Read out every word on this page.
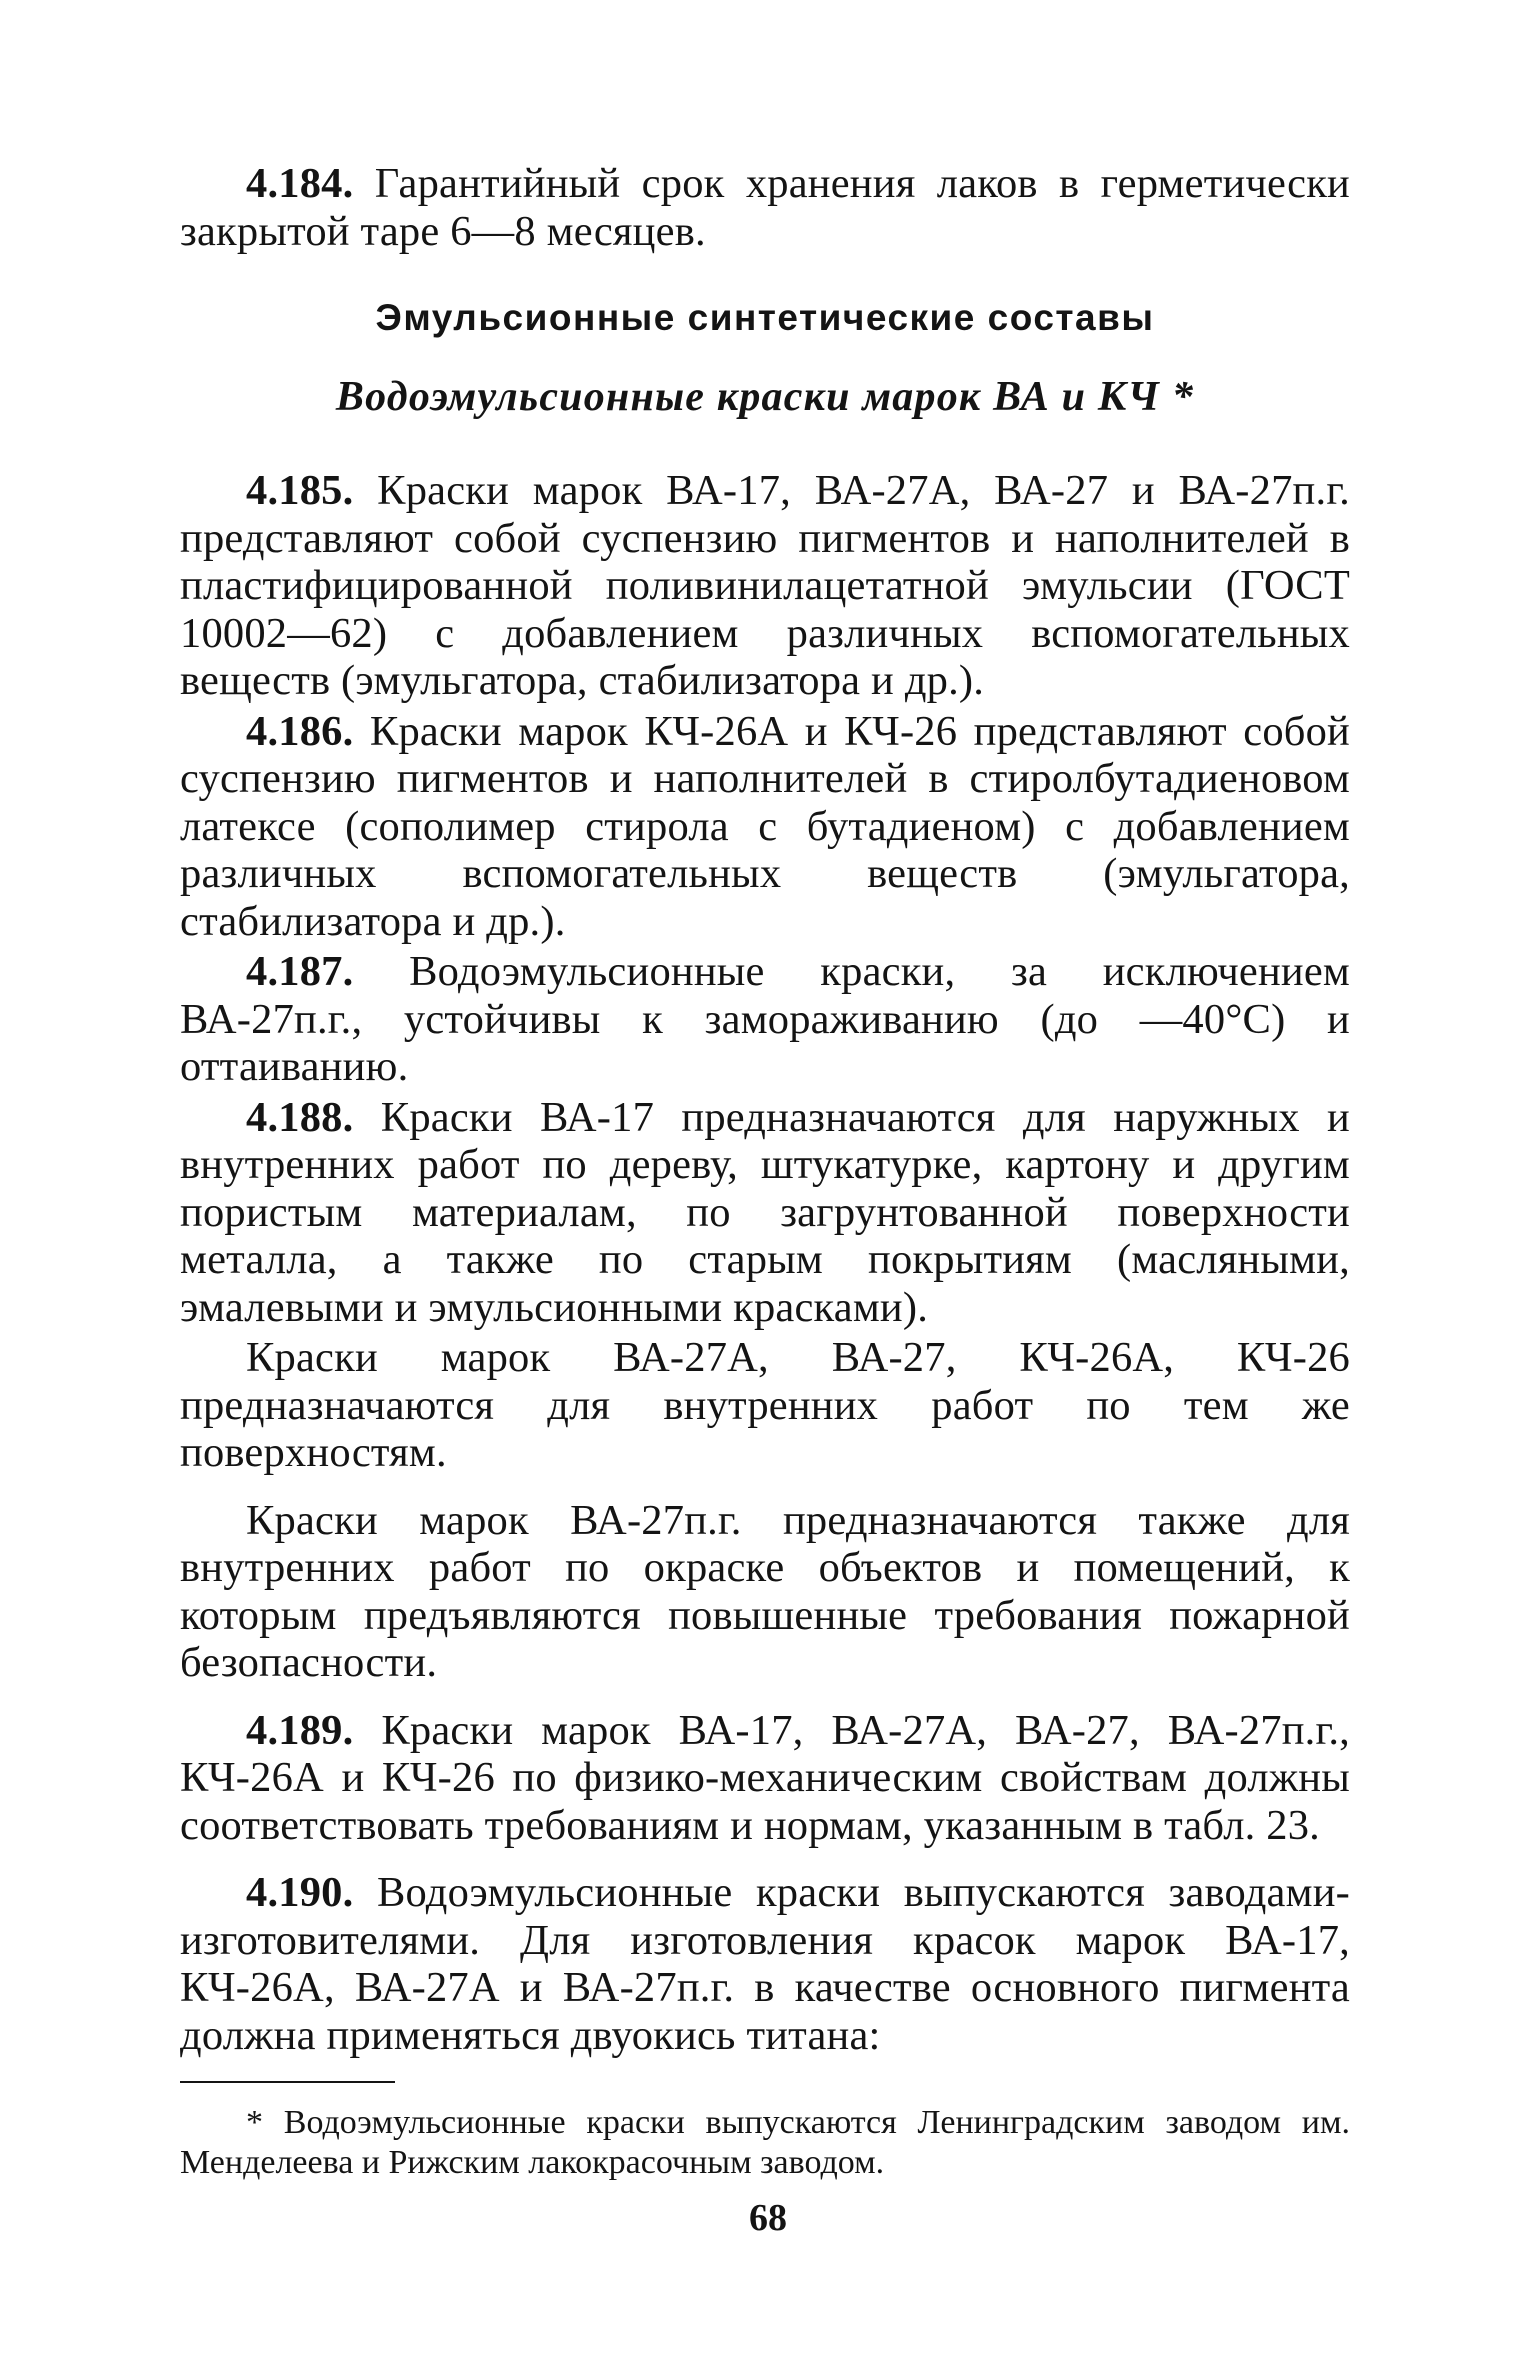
4.184. Гарантийный срок хранения лаков в герметически закрытой таре 6—8 месяцев.

Эмульсионные синтетические составы
Водоэмульсионные краски марок ВА и КЧ *

4.185. Краски марок ВА-17, ВА-27А, ВА-27 и ВА-27п.г. представляют собой суспензию пигментов и наполнителей в пластифицированной поливинилацетатной эмульсии (ГОСТ 10002—62) с добавлением различных вспомогательных веществ (эмульгатора, стабилизатора и др.).

4.186. Краски марок КЧ-26А и КЧ-26 представляют собой суспензию пигментов и наполнителей в стиролбутадиеновом латексе (сополимер стирола с бутадиеном) с добавлением различных вспомогательных веществ (эмульгатора, стабилизатора и др.).

4.187. Водоэмульсионные краски, за исключением ВА-27п.г., устойчивы к замораживанию (до —40°С) и оттаиванию.

4.188. Краски ВА-17 предназначаются для наружных и внутренних работ по дереву, штукатурке, картону и другим пористым материалам, по загрунтованной поверхности металла, а также по старым покрытиям (масляными, эмалевыми и эмульсионными красками).

Краски марок ВА-27А, ВА-27, КЧ-26А, КЧ-26 предназначаются для внутренних работ по тем же поверхностям.

Краски марок ВА-27п.г. предназначаются также для внутренних работ по окраске объектов и помещений, к которым предъявляются повышенные требования пожарной безопасности.

4.189. Краски марок ВА-17, ВА-27А, ВА-27, ВА-27п.г., КЧ-26А и КЧ-26 по физико-механическим свойствам должны соответствовать требованиям и нормам, указанным в табл. 23.

4.190. Водоэмульсионные краски выпускаются заводами-изготовителями. Для изготовления красок марок ВА-17, КЧ-26А, ВА-27А и ВА-27п.г. в качестве основного пигмента должна применяться двуокись титана:

* Водоэмульсионные краски выпускаются Ленинградским заводом им. Менделеева и Рижским лакокрасочным заводом.

68
